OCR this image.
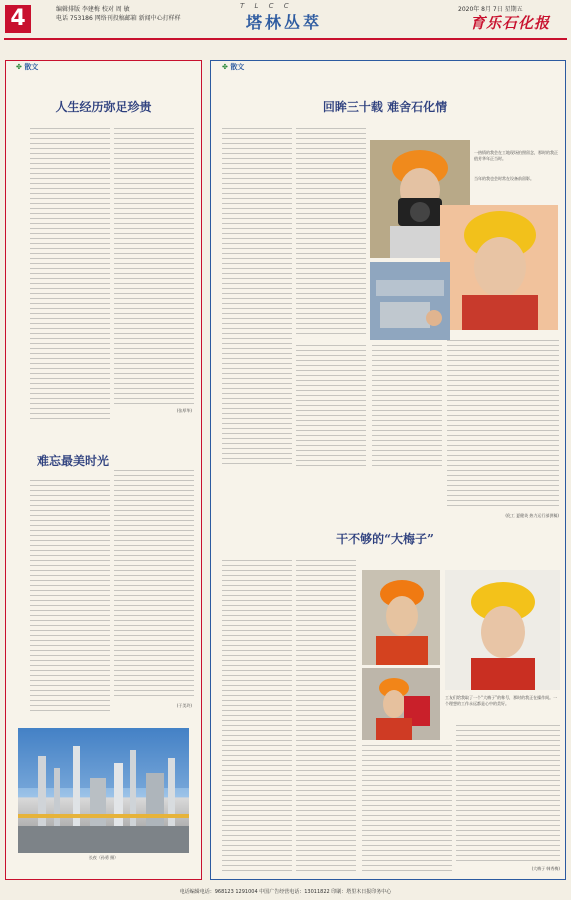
4	编辑排版 李建梅 校对 周 敏
电话 753186 网络刊投稿邮箱 新闻中心打样样
T L C C
塔林丛萃
2020年 8月 7日 星期五
育乐石化报
✤ 散文
人生经历弥足珍贵
(张厚华)
难忘最美时光
(于美玲)
长夜（孙勇 摄）
✤ 散文
回眸三十载 难舍石化情
一热情的我会在工地现场拍照留念，那时的我正值芳华年正当时。
当年的我也会时常在设备前留影。
(化工 夏健英 热力运行部供稿)
干不够的“大梅子”
工友们给我取了一个“大梅子”的称号，那时的我正在操作间。一个理想的工作永远都是心中的美好。
(大梅子 韩秀梅)
电话编辑电话：968123 1291004 中国广告经营电话：13011822 印刷：塔里木日报印务中心
